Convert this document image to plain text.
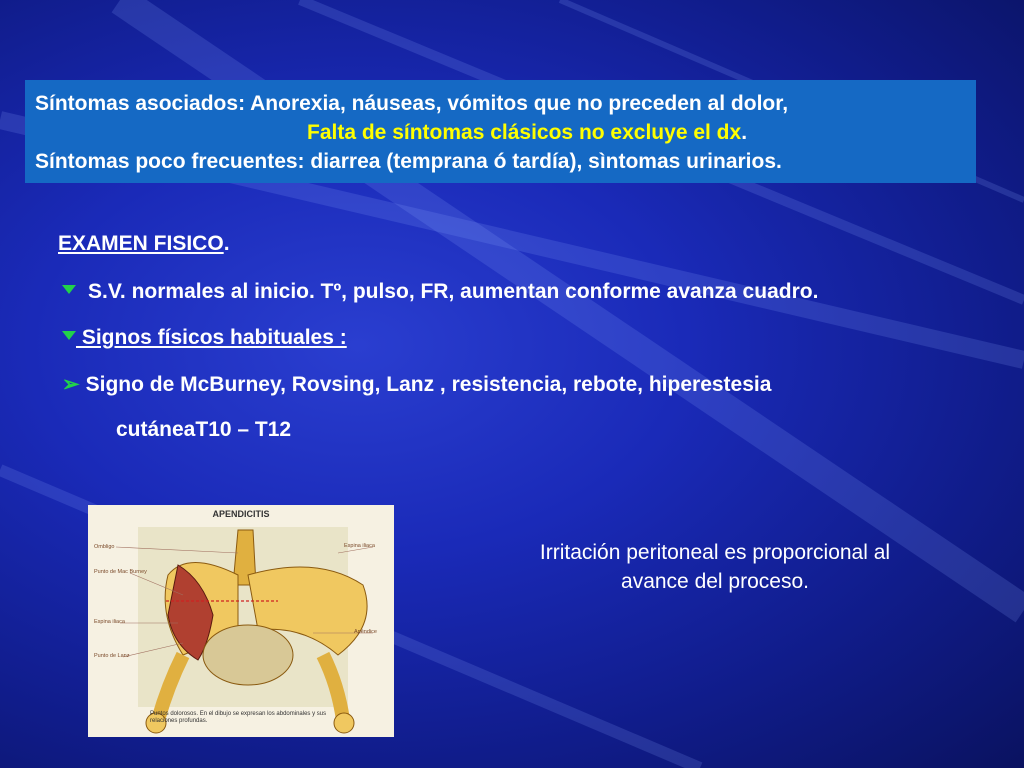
Síntomas asociados: Anorexia, náuseas, vómitos que no preceden al dolor,
Falta de síntomas clásicos no excluye el dx.
Síntomas poco frecuentes: diarrea (temprana ó tardía), sìntomas urinarios.
EXAMEN FISICO.
S.V. normales al inicio. Tº, pulso, FR, aumentan conforme avanza cuadro.
Signos físicos habituales :
➢ Signo de McBurney, Rovsing, Lanz , resistencia, rebote, hiperestesia
cutáneaT10 – T12
APENDICITIS
Ombligo
Punto de Mac Burney
Espina iliaca
Punto de Lanz
Espina iliaca
Apéndice
Puntos dolorosos. En el dibujo se expresan los abdominales y sus relaciones profundas.
Irritación peritoneal es proporcional al
avance del proceso.
